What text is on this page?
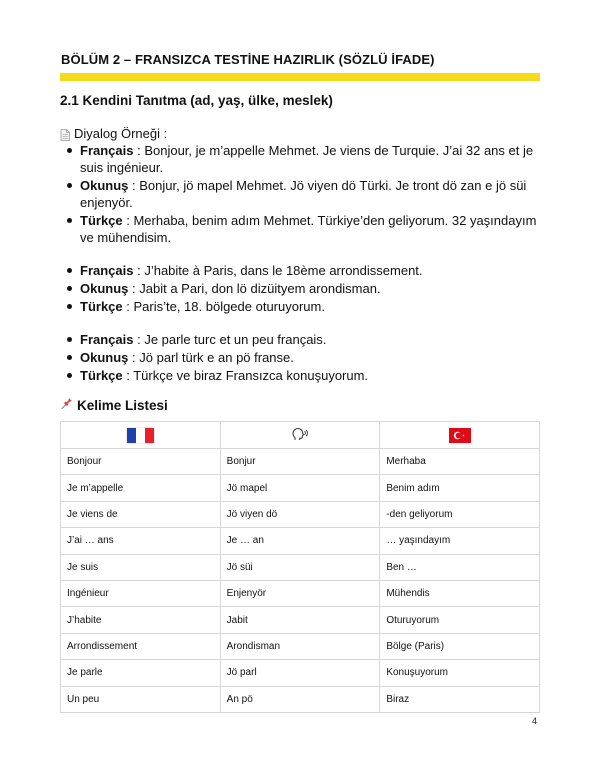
BÖLÜM 2 – FRANSIZCA TESTİNE HAZIRLIK (SÖZLÜ İFADE)
2.1 Kendini Tanıtma (ad, yaş, ülke, meslek)
Diyalog Örneği :
Français : Bonjour, je m’appelle Mehmet. Je viens de Turquie. J’ai 32 ans et je suis ingénieur.
Okunuş : Bonjur, jö mapel Mehmet. Jö viyen dö Türki. Je tront dö zan e jö süi enjenyör.
Türkçe : Merhaba, benim adım Mehmet. Türkiye’den geliyorum. 32 yaşındayım ve mühendisim.
Français : J’habite à Paris, dans le 18ème arrondissement.
Okunuş : Jabit a Pari, don lö dizüityem arondisman.
Türkçe : Paris’te, 18. bölgede oturuyorum.
Français : Je parle turc et un peu français.
Okunuş : Jö parl türk e an pö franse.
Türkçe : Türkçe ve biraz Fransızca konuşuyorum.
Kelime Listesi

Bonjour	Bonjur	Merhaba
Je m’appelle	Jö mapel	Benim adım
Je viens de	Jö viyen dö	-den geliyorum
J’ai … ans	Je … an	… yaşındayım
Je suis	Jö süi	Ben …
Ingénieur	Enjenyör	Mühendis
J’habite	Jabit	Oturuyorum
Arrondissement	Arondisman	Bölge (Paris)
Je parle	Jö parl	Konuşuyorum
Un peu	An pö	Biraz
4
